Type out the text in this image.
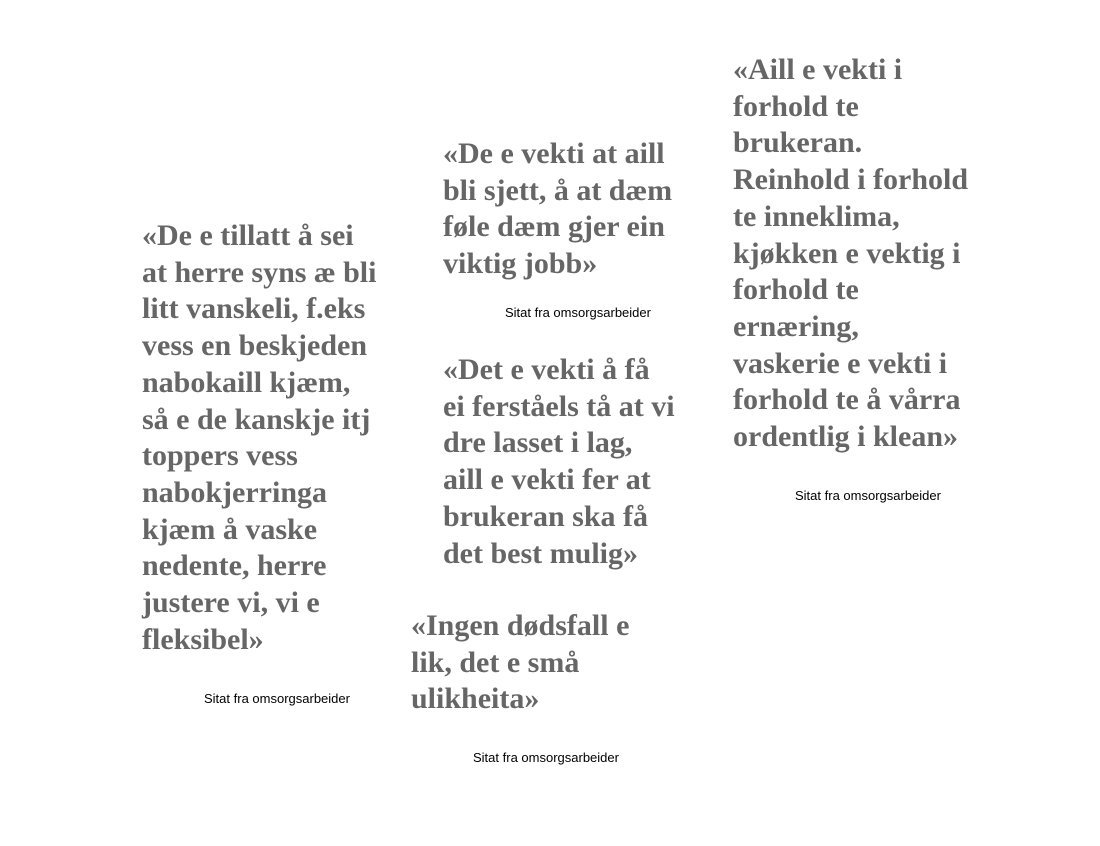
«De e tillatt å sei
at herre syns æ bli
litt vanskeli, f.eks
vess en beskjeden
nabokaill kjæm,
så e de kanskje itj
toppers vess
nabokjerringa
kjæm å vaske
nedente, herre
justere vi, vi e
fleksibel»

Sitat fra omsorgsarbeider

«De e vekti at aill
bli sjett, å at dæm
føle dæm gjer ein
viktig jobb»

Sitat fra omsorgsarbeider

«Det e vekti å få
ei ferståels tå at vi
dre lasset i lag,
aill e vekti fer at
brukeran ska få
det best mulig»

«Ingen dødsfall e
lik, det e små
ulikheita»

Sitat fra omsorgsarbeider

«Aill e vekti i
forhold te
brukeran.
Reinhold i forhold
te inneklima,
kjøkken e vektig i
forhold te
ernæring,
vaskerie e vekti i
forhold te å vårra
ordentlig i klean»

Sitat fra omsorgsarbeider
